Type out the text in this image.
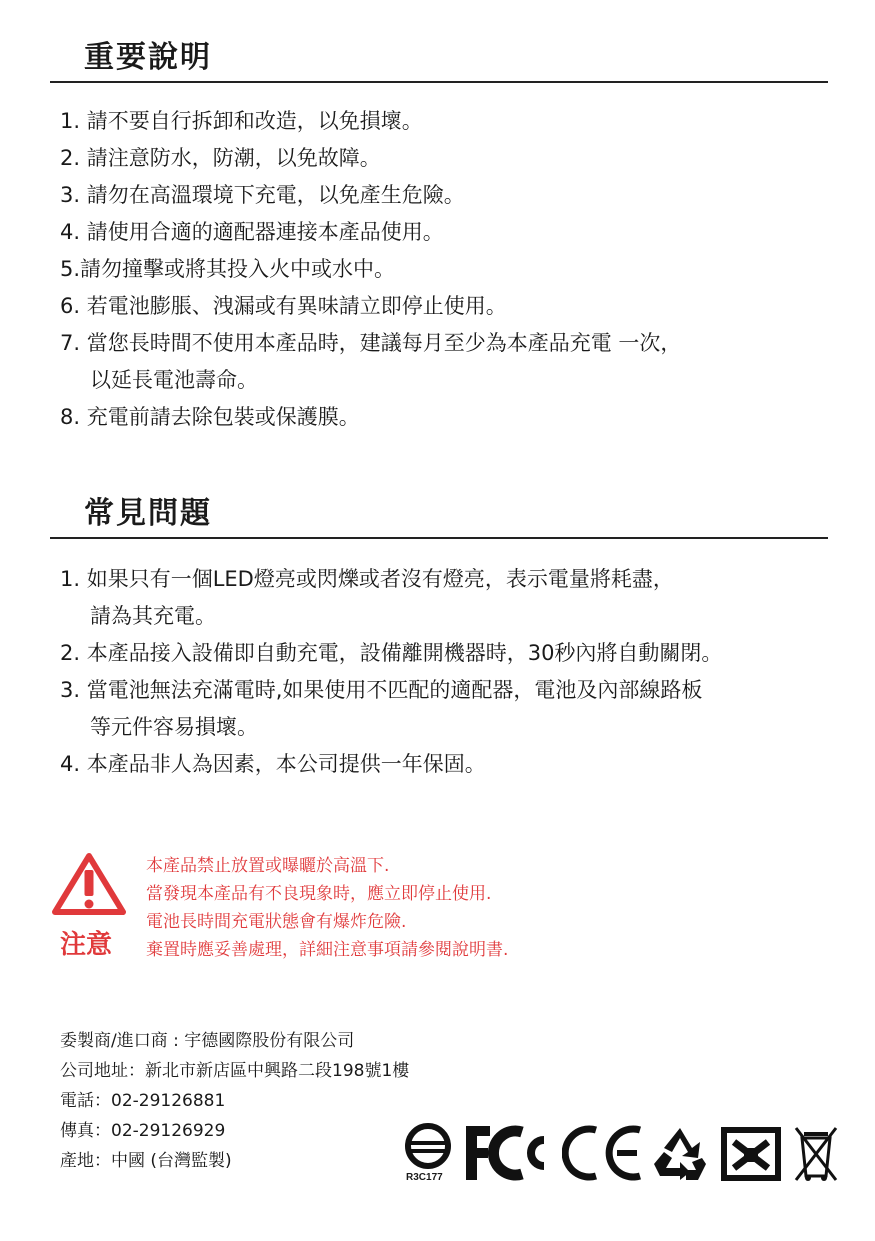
重要說明
1. 請不要自行拆卸和改造，以免損壞。
2. 請注意防水，防潮，以免故障。
3. 請勿在高溫環境下充電，以免產生危險。
4. 請使用合適的適配器連接本產品使用。
5.請勿撞擊或將其投入火中或水中。
6. 若電池膨脹、洩漏或有異味請立即停止使用。
7. 當您長時間不使用本產品時，建議每月至少為本產品充電 一次，
以延長電池壽命。
8. 充電前請去除包裝或保護膜。
常見問題
1. 如果只有一個LED燈亮或閃爍或者沒有燈亮，表示電量將耗盡，
請為其充電。
2. 本產品接入設備即自動充電，設備離開機器時，30秒內將自動關閉。
3. 當電池無法充滿電時,如果使用不匹配的適配器，電池及內部線路板
等元件容易損壞。
4. 本產品非人為因素，本公司提供一年保固。
注意
本產品禁止放置或曝曬於高溫下.
當發現本產品有不良現象時，應立即停止使用.
電池長時間充電狀態會有爆炸危險.
棄置時應妥善處理，詳細注意事項請參閱說明書.
委製商/進口商 : 宇德國際股份有限公司
公司地址：新北市新店區中興路二段198號1樓
電話：02-29126881
傳真：02-29126929
產地：中國 (台灣監製)
R3C177
